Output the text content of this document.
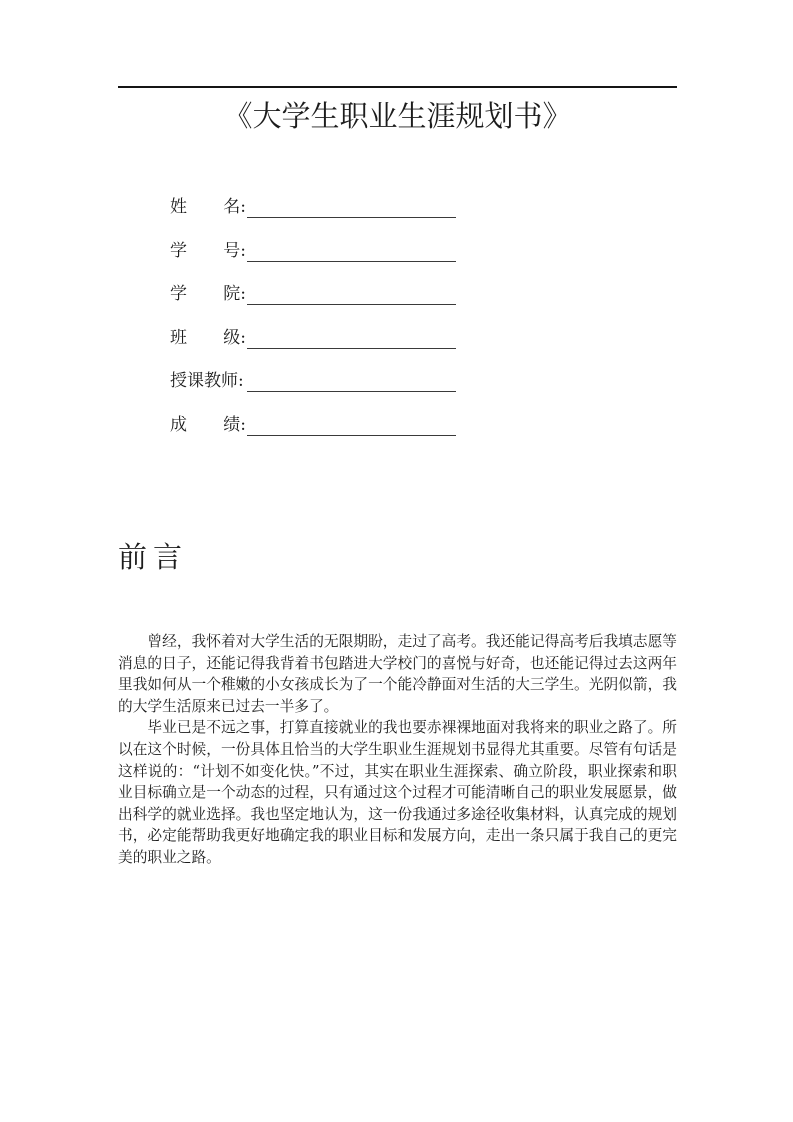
《大学生职业生涯规划书》
姓 名:
学 号:
学 院:
班 级:
授课教师:
成 绩:
前言

曾经，我怀着对大学生活的无限期盼，走过了高考。我还能记得高考后我填志愿等消息的日子，还能记得我背着书包踏进大学校门的喜悦与好奇，也还能记得过去这两年里我如何从一个稚嫩的小女孩成长为了一个能冷静面对生活的大三学生。光阴似箭，我的大学生活原来已过去一半多了。

毕业已是不远之事，打算直接就业的我也要赤裸裸地面对我将来的职业之路了。所以在这个时候，一份具体且恰当的大学生职业生涯规划书显得尤其重要。尽管有句话是这样说的：“计划不如变化快。”不过，其实在职业生涯探索、确立阶段，职业探索和职业目标确立是一个动态的过程，只有通过这个过程才可能清晰自己的职业发展愿景，做出科学的就业选择。我也坚定地认为，这一份我通过多途径收集材料，认真完成的规划书，必定能帮助我更好地确定我的职业目标和发展方向，走出一条只属于我自己的更完美的职业之路。
